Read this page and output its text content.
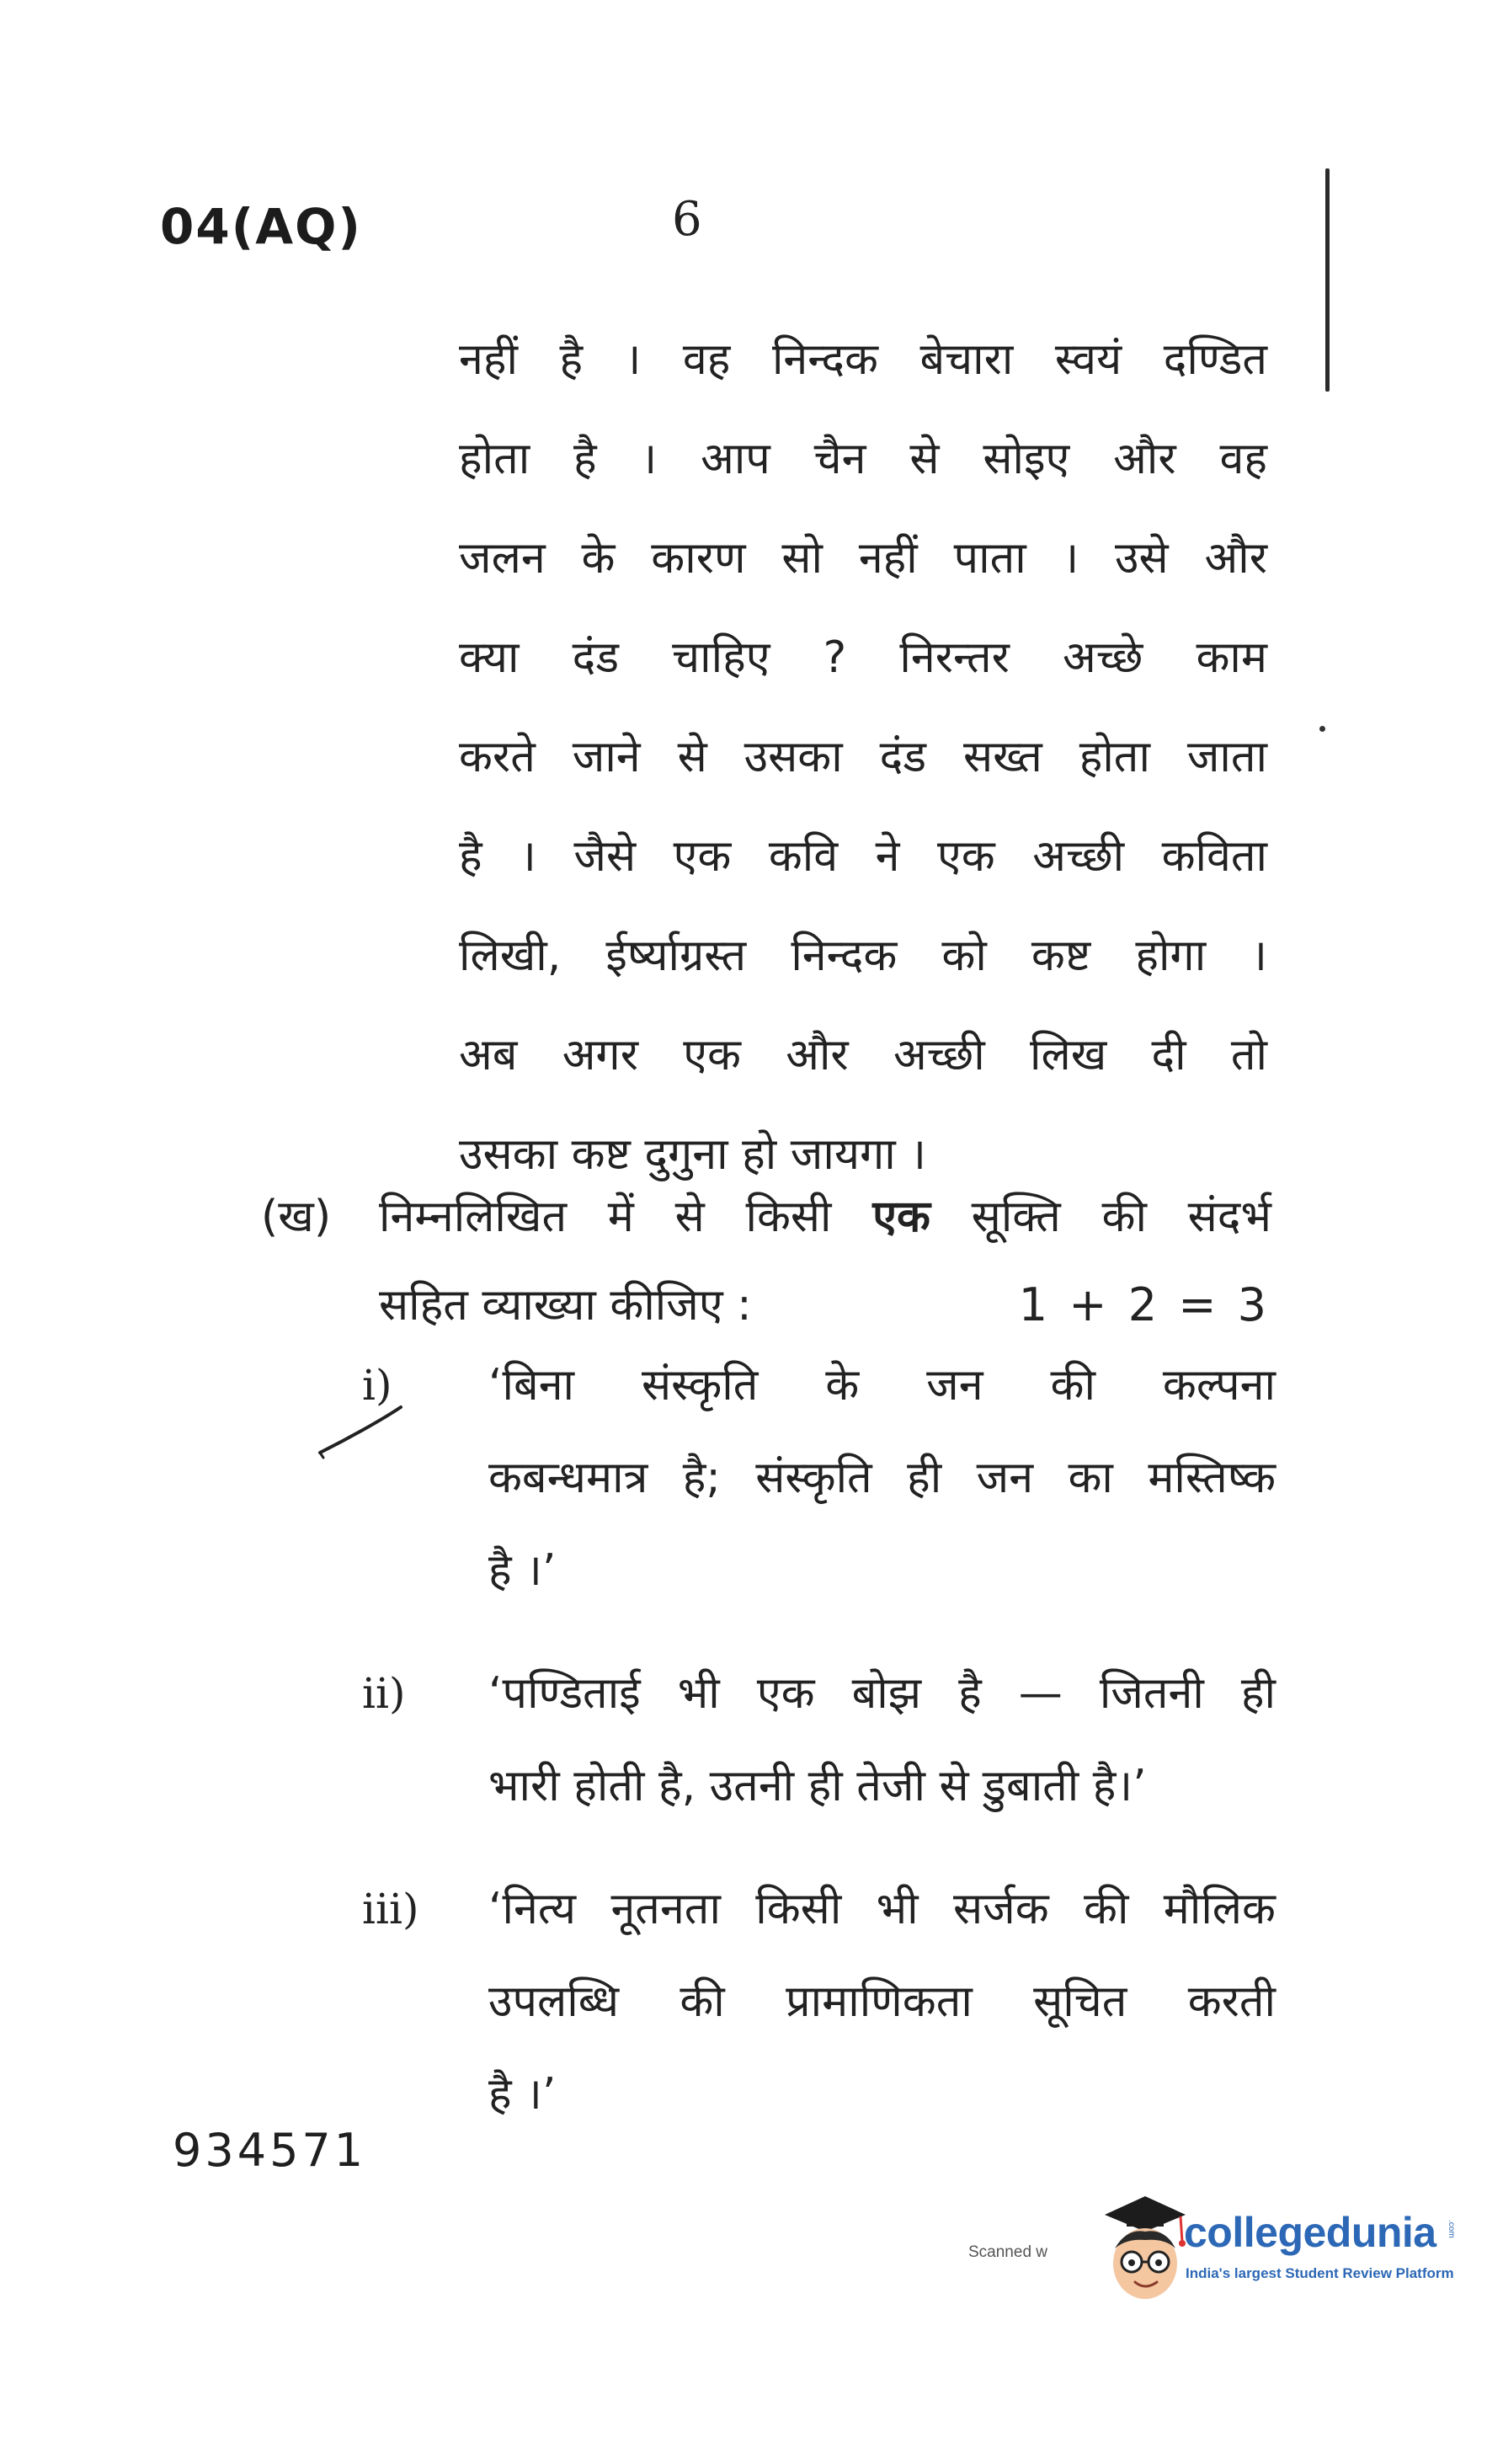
04(AQ)	6
नहीं है । वह निन्दक बेचारा स्वयं दण्डित
होता है । आप चैन से सोइए और वह
जलन के कारण सो नहीं पाता । उसे और
क्या दंड चाहिए ? निरन्तर अच्छे काम
करते जाने से उसका दंड सख्त होता जाता
है । जैसे एक कवि ने एक अच्छी कविता
लिखी, ईर्ष्याग्रस्त निन्दक को कष्ट होगा ।
अब अगर एक और अच्छी लिख दी तो
उसका कष्ट दुगुना हो जायगा ।
(ख)	निम्नलिखित में से किसी एक सूक्ति की संदर्भ
सहित व्याख्या कीजिए :	1 + 2 = 3
i)	‘बिना संस्कृति के जन की कल्पना
कबन्धमात्र है; संस्कृति ही जन का मस्तिष्क
है ।’
ii)	‘पण्डिताई भी एक बोझ है — जितनी ही
भारी होती है, उतनी ही तेजी से डुबाती है।’
iii)	‘नित्य नूतनता किसी भी सर्जक की मौलिक
उपलब्धि की प्रामाणिकता सूचित करती
है ।’
934571
Scanned w	collegedunia .com
India's largest Student Review Platform
